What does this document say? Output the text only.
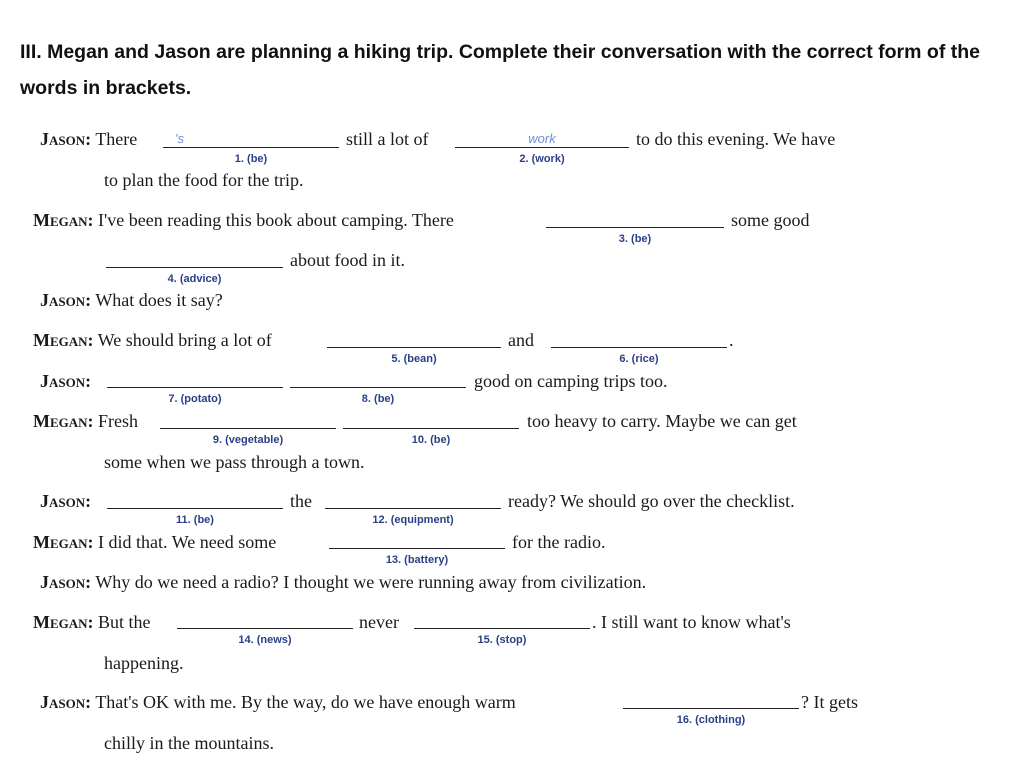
III. Megan and Jason are planning a hiking trip. Complete their conversation with the correct form of the words in brackets.
Jason: There	's
1. (be)
still a lot of	work
2. (work)
to do this evening. We have
to plan the food for the trip.
Megan: I've been reading this book about camping. There
3. (be)
some good
4. (advice)
about food in it.
Jason: What does it say?
Megan: We should bring a lot of
5. (bean)
and
6. (rice)
.
Jason:
7. (potato)	8. (be)
good on camping trips too.
Megan: Fresh
9. (vegetable)	10. (be)
too heavy to carry. Maybe we can get
some when we pass through a town.
Jason:
11. (be)
the
12. (equipment)
ready? We should go over the checklist.
Megan: I did that. We need some
13. (battery)
for the radio.
Jason: Why do we need a radio? I thought we were running away from civilization.
Megan: But the
14. (news)
never
15. (stop)
. I still want to know what's
happening.
Jason: That's OK with me. By the way, do we have enough warm
16. (clothing)
? It gets
chilly in the mountains.
